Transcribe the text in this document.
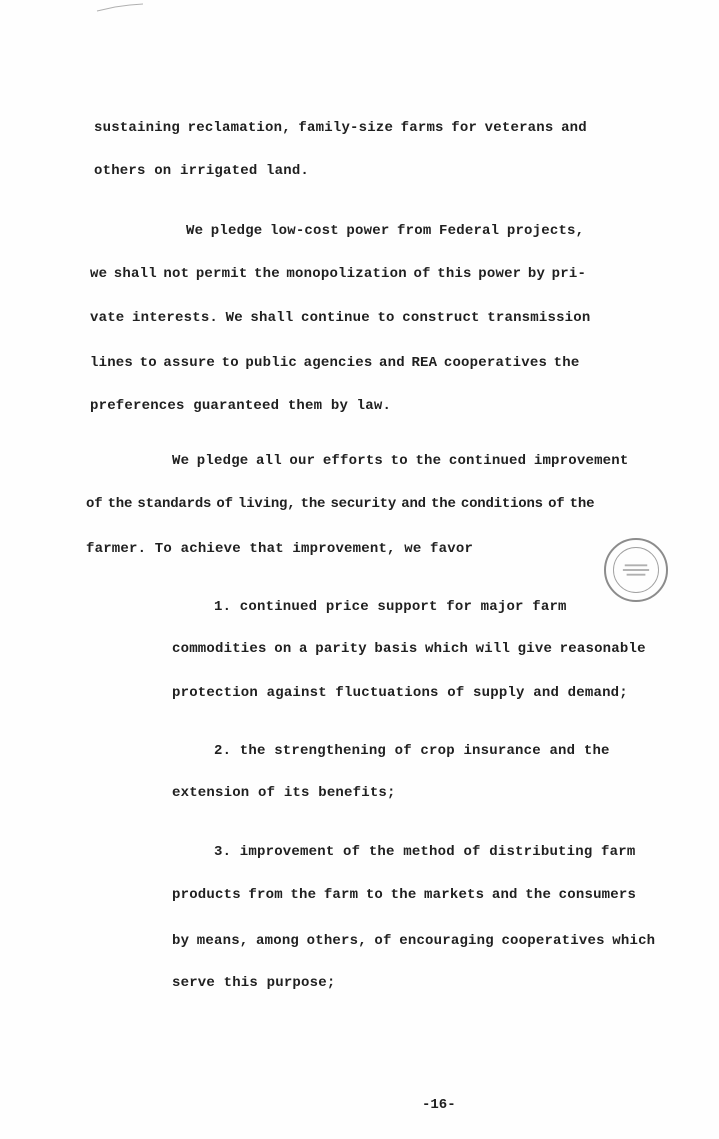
sustaining reclamation, family-size farms for veterans and
others on irrigated land.
We pledge low-cost power from Federal projects,
we shall not permit the monopolization of this power by pri-
vate interests. We shall continue to construct transmission
lines to assure to public agencies and REA cooperatives the
preferences guaranteed them by law.
We pledge all our efforts to the continued improvement
of the standards of living, the security and the conditions of the
farmer. To achieve that improvement, we favor
1. continued price support for major farm
commodities on a parity basis which will give reasonable
protection against fluctuations of supply and demand;
2. the strengthening of crop insurance and the
extension of its benefits;
3. improvement of the method of distributing farm
products from the farm to the markets and the consumers
by means, among others, of encouraging cooperatives which
serve this purpose;
-16-
